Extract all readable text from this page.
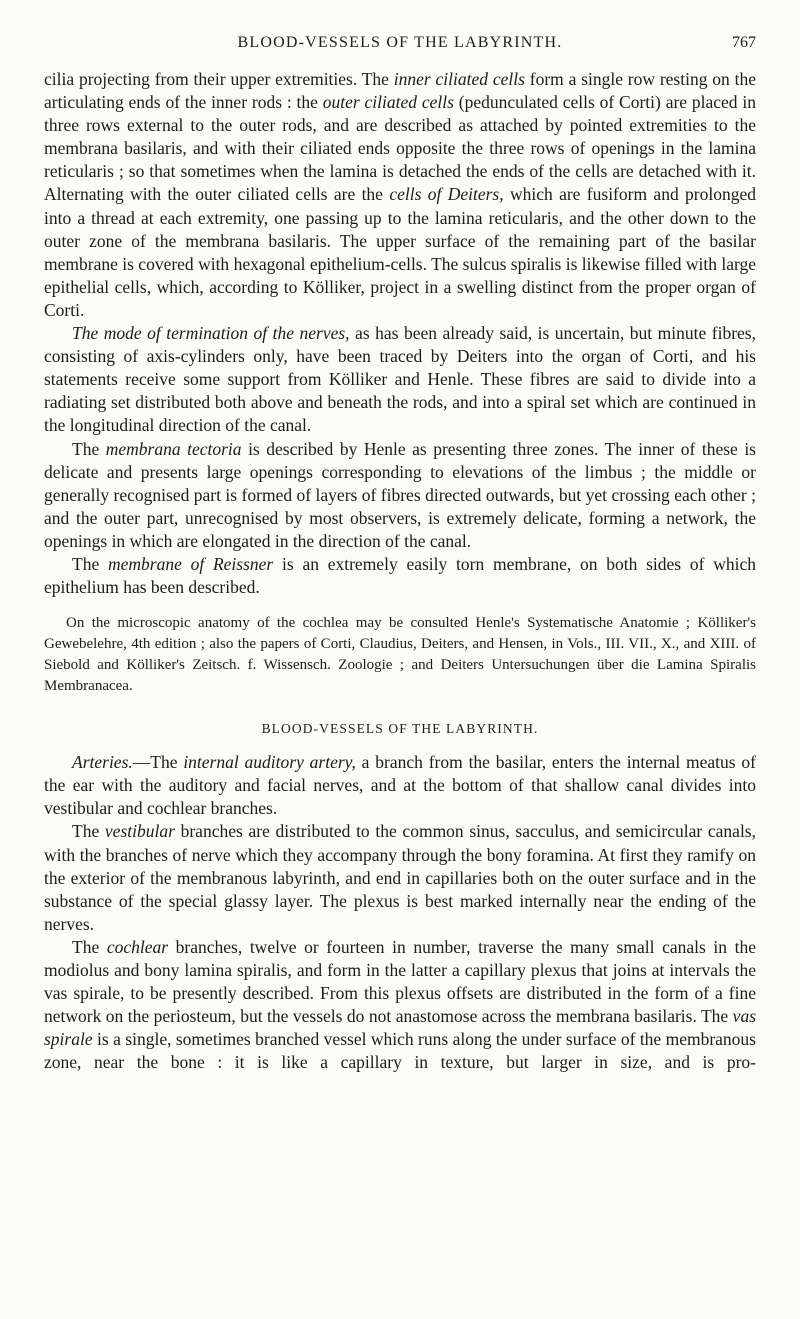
BLOOD-VESSELS OF THE LABYRINTH.	767

cilia projecting from their upper extremities. The inner ciliated cells form a single row resting on the articulating ends of the inner rods : the outer ciliated cells (pedunculated cells of Corti) are placed in three rows external to the outer rods, and are described as attached by pointed extremities to the membrana basilaris, and with their ciliated ends opposite the three rows of openings in the lamina reticularis ; so that sometimes when the lamina is detached the ends of the cells are detached with it. Alternating with the outer ciliated cells are the cells of Deiters, which are fusiform and prolonged into a thread at each extremity, one passing up to the lamina reticularis, and the other down to the outer zone of the membrana basilaris. The upper surface of the remaining part of the basilar membrane is covered with hexagonal epithelium-cells. The sulcus spiralis is likewise filled with large epithelial cells, which, according to Kölliker, project in a swelling distinct from the proper organ of Corti.

The mode of termination of the nerves, as has been already said, is uncertain, but minute fibres, consisting of axis-cylinders only, have been traced by Deiters into the organ of Corti, and his statements receive some support from Kölliker and Henle. These fibres are said to divide into a radiating set distributed both above and beneath the rods, and into a spiral set which are continued in the longitudinal direction of the canal.

The membrana tectoria is described by Henle as presenting three zones. The inner of these is delicate and presents large openings corresponding to elevations of the limbus ; the middle or generally recognised part is formed of layers of fibres directed outwards, but yet crossing each other ; and the outer part, unrecognised by most observers, is extremely delicate, forming a network, the openings in which are elongated in the direction of the canal.

The membrane of Reissner is an extremely easily torn membrane, on both sides of which epithelium has been described.

On the microscopic anatomy of the cochlea may be consulted Henle's Systematische Anatomie ; Kölliker's Gewebelehre, 4th edition ; also the papers of Corti, Claudius, Deiters, and Hensen, in Vols., III. VII., X., and XIII. of Siebold and Kölliker's Zeitsch. f. Wissensch. Zoologie ; and Deiters Untersuchungen über die Lamina Spiralis Membranacea.

BLOOD-VESSELS OF THE LABYRINTH.

Arteries.—The internal auditory artery, a branch from the basilar, enters the internal meatus of the ear with the auditory and facial nerves, and at the bottom of that shallow canal divides into vestibular and cochlear branches.

The vestibular branches are distributed to the common sinus, sacculus, and semicircular canals, with the branches of nerve which they accompany through the bony foramina. At first they ramify on the exterior of the membranous labyrinth, and end in capillaries both on the outer surface and in the substance of the special glassy layer. The plexus is best marked internally near the ending of the nerves.

The cochlear branches, twelve or fourteen in number, traverse the many small canals in the modiolus and bony lamina spiralis, and form in the latter a capillary plexus that joins at intervals the vas spirale, to be presently described. From this plexus offsets are distributed in the form of a fine network on the periosteum, but the vessels do not anastomose across the membrana basilaris. The vas spirale is a single, sometimes branched vessel which runs along the under surface of the membranous zone, near the bone : it is like a capillary in texture, but larger in size, and is pro-
